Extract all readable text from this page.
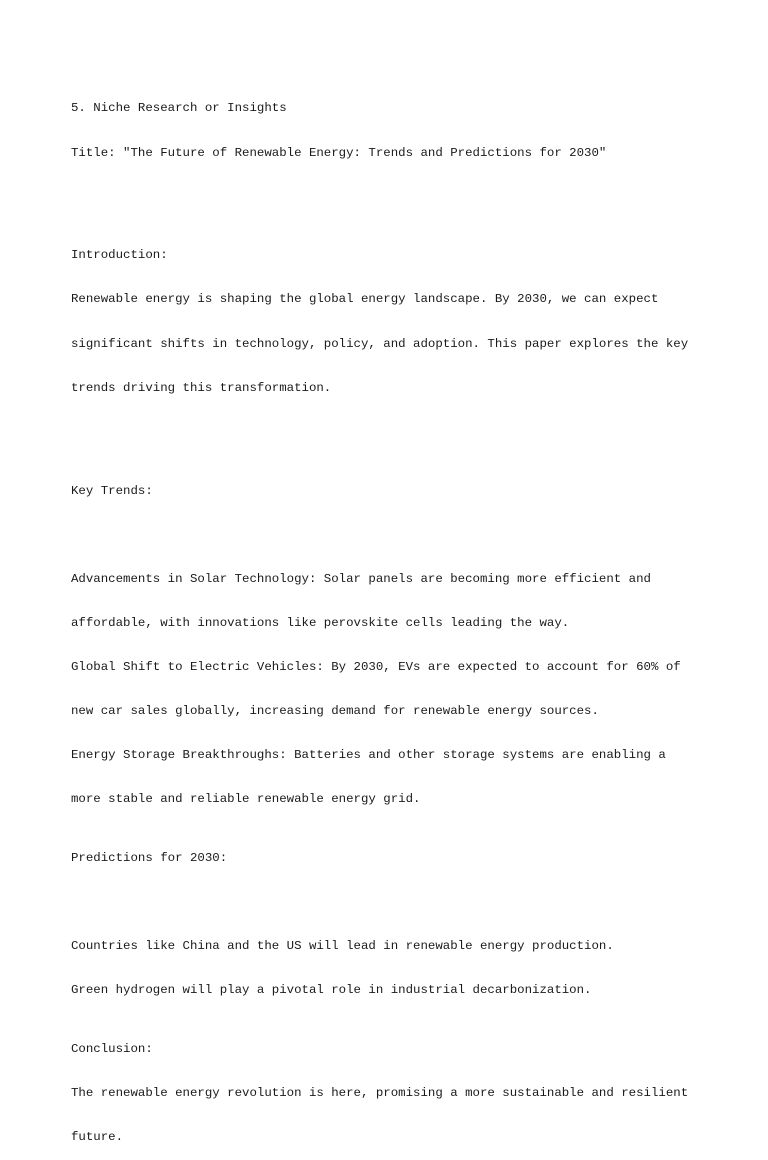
5. Niche Research or Insights

Title: "The Future of Renewable Energy: Trends and Predictions for 2030"

Introduction:

Renewable energy is shaping the global energy landscape. By 2030, we can expect

significant shifts in technology, policy, and adoption. This paper explores the key

trends driving this transformation.

Key Trends:

Advancements in Solar Technology: Solar panels are becoming more efficient and

affordable, with innovations like perovskite cells leading the way.

Global Shift to Electric Vehicles: By 2030, EVs are expected to account for 60% of

new car sales globally, increasing demand for renewable energy sources.

Energy Storage Breakthroughs: Batteries and other storage systems are enabling a

more stable and reliable renewable energy grid.

Predictions for 2030:

Countries like China and the US will lead in renewable energy production.

Green hydrogen will play a pivotal role in industrial decarbonization.

Conclusion:

The renewable energy revolution is here, promising a more sustainable and resilient

future.
